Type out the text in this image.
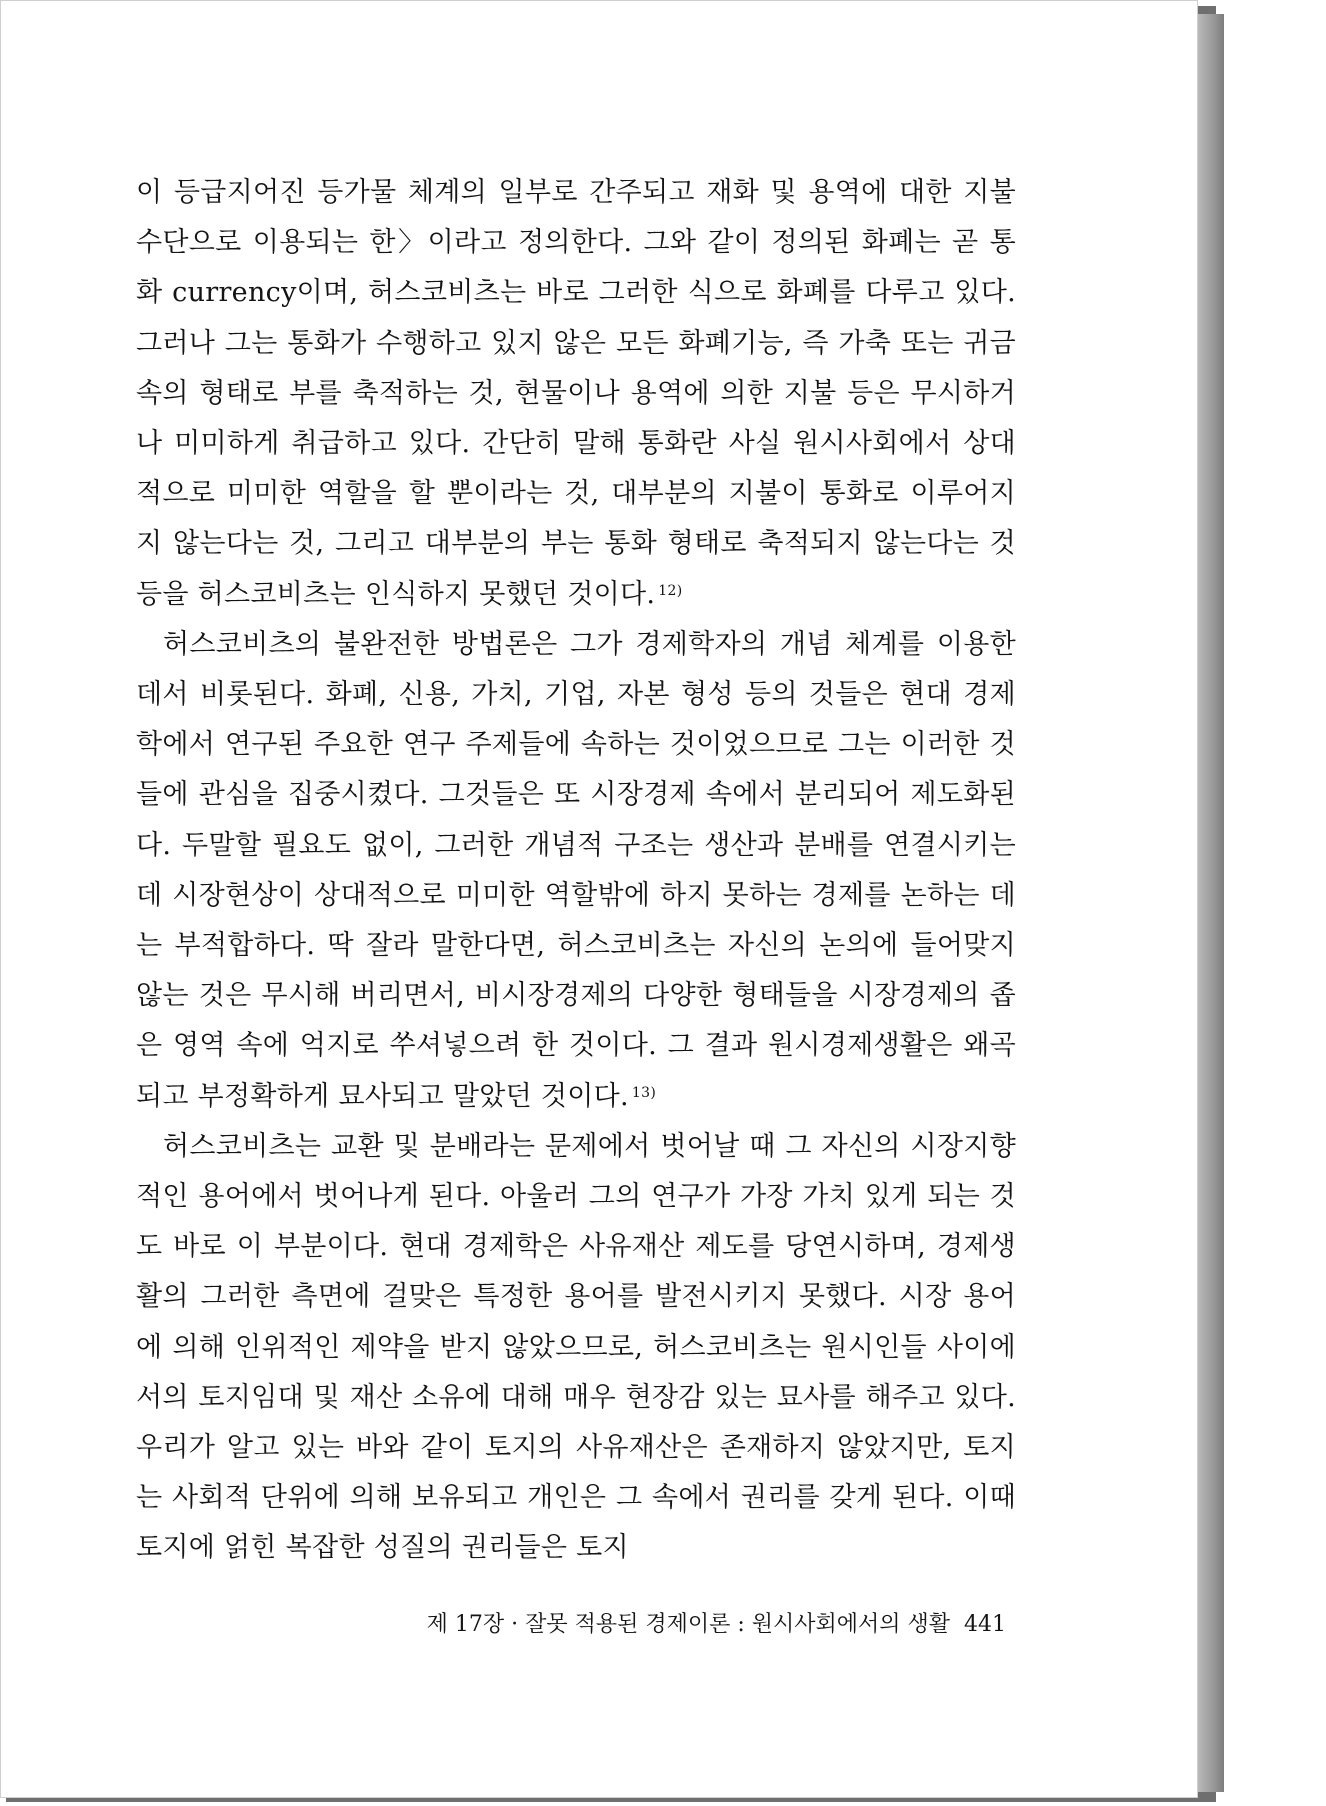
이 등급지어진 등가물 체계의 일부로 간주되고 재화 및 용역에 대한 지불 수단으로 이용되는 한〉이라고 정의한다. 그와 같이 정의된 화폐는 곧 통화 currency이며, 허스코비츠는 바로 그러한 식으로 화폐를 다루고 있다. 그러나 그는 통화가 수행하고 있지 않은 모든 화폐기능, 즉 가축 또는 귀금속의 형태로 부를 축적하는 것, 현물이나 용역에 의한 지불 등은 무시하거나 미미하게 취급하고 있다. 간단히 말해 통화란 사실 원시사회에서 상대적으로 미미한 역할을 할 뿐이라는 것, 대부분의 지불이 통화로 이루어지지 않는다는 것, 그리고 대부분의 부는 통화 형태로 축적되지 않는다는 것 등을 허스코비츠는 인식하지 못했던 것이다. $^{12)}$

허스코비츠의 불완전한 방법론은 그가 경제학자의 개념 체계를 이용한 데서 비롯된다. 화폐, 신용, 가치, 기업, 자본 형성 등의 것들은 현대 경제학에서 연구된 주요한 연구 주제들에 속하는 것이었으므로 그는 이러한 것들에 관심을 집중시켰다. 그것들은 또 시장경제 속에서 분리되어 제도화된다. 두말할 필요도 없이, 그러한 개념적 구조는 생산과 분배를 연결시키는 데 시장현상이 상대적으로 미미한 역할밖에 하지 못하는 경제를 논하는 데는 부적합하다. 딱 잘라 말한다면, 허스코비츠는 자신의 논의에 들어맞지 않는 것은 무시해 버리면서, 비시장경제의 다양한 형태들을 시장경제의 좁은 영역 속에 억지로 쑤셔넣으려 한 것이다. 그 결과 원시경제생활은 왜곡되고 부정확하게 묘사되고 말았던 것이다. $^{13)}$

허스코비츠는 교환 및 분배라는 문제에서 벗어날 때 그 자신의 시장지향적인 용어에서 벗어나게 된다. 아울러 그의 연구가 가장 가치 있게 되는 것도 바로 이 부분이다. 현대 경제학은 사유재산 제도를 당연시하며, 경제생활의 그러한 측면에 걸맞은 특정한 용어를 발전시키지 못했다. 시장 용어에 의해 인위적인 제약을 받지 않았으므로, 허스코비츠는 원시인들 사이에서의 토지임대 및 재산 소유에 대해 매우 현장감 있는 묘사를 해주고 있다. 우리가 알고 있는 바와 같이 토지의 사유재산은 존재하지 않았지만, 토지는 사회적 단위에 의해 보유되고 개인은 그 속에서 권리를 갖게 된다. 이때 토지에 얽힌 복잡한 성질의 권리들은 토지

제 17장 · 잘못 적용된 경제이론 : 원시사회에서의 생활 441
